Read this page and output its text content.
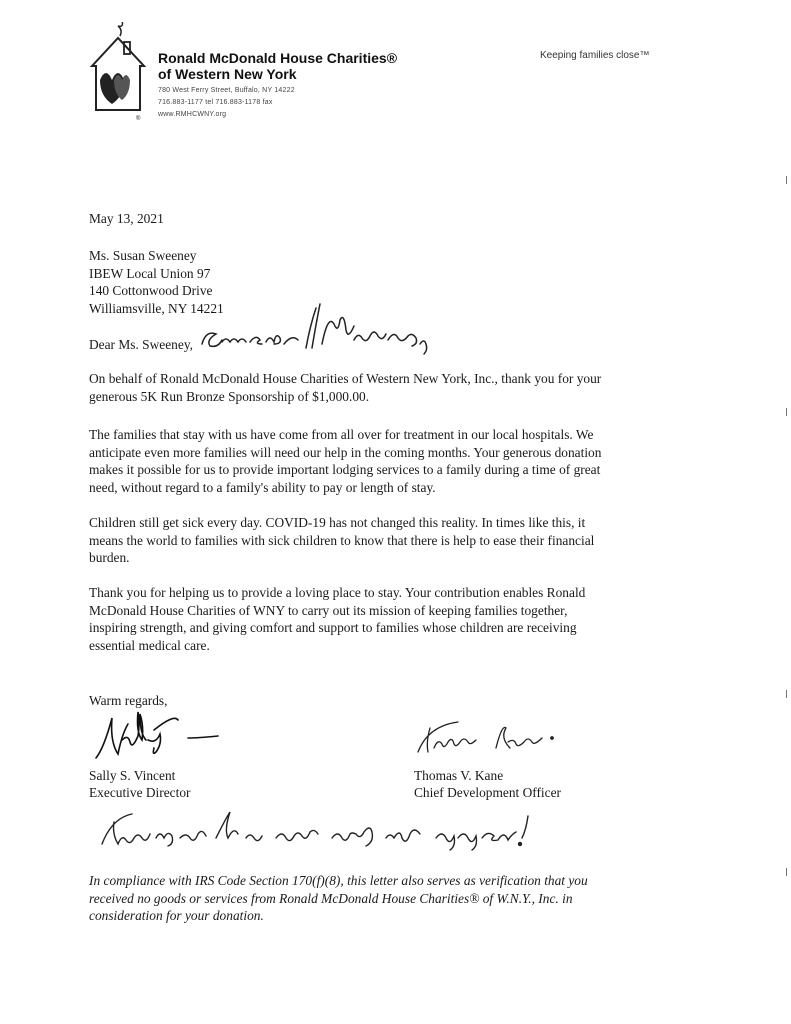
®
Ronald McDonald House Charities®
of Western New York
780 West Ferry Street, Buffalo, NY 14222
716.883-1177 tel 716.883-1178 fax
www.RMHCWNY.org
Keeping families close™
May 13, 2021
Ms. Susan Sweeney
IBEW Local Union 97
140 Cottonwood Drive
Williamsville, NY 14221
Dear Ms. Sweeney,
On behalf of Ronald McDonald House Charities of Western New York, Inc., thank you for your
generous 5K Run Bronze Sponsorship of $1,000.00.
The families that stay with us have come from all over for treatment in our local hospitals. We
anticipate even more families will need our help in the coming months. Your generous donation
makes it possible for us to provide important lodging services to a family during a time of great
need, without regard to a family's ability to pay or length of stay.
Children still get sick every day. COVID-19 has not changed this reality. In times like this, it
means the world to families with sick children to know that there is help to ease their financial
burden.
Thank you for helping us to provide a loving place to stay. Your contribution enables Ronald
McDonald House Charities of WNY to carry out its mission of keeping families together,
inspiring strength, and giving comfort and support to families whose children are receiving
essential medical care.
Warm regards,
Sally S. Vincent
Executive Director
Thomas V. Kane
Chief Development Officer
In compliance with IRS Code Section 170(f)(8), this letter also serves as verification that you
received no goods or services from Ronald McDonald House Charities® of W.N.Y., Inc. in
consideration for your donation.
